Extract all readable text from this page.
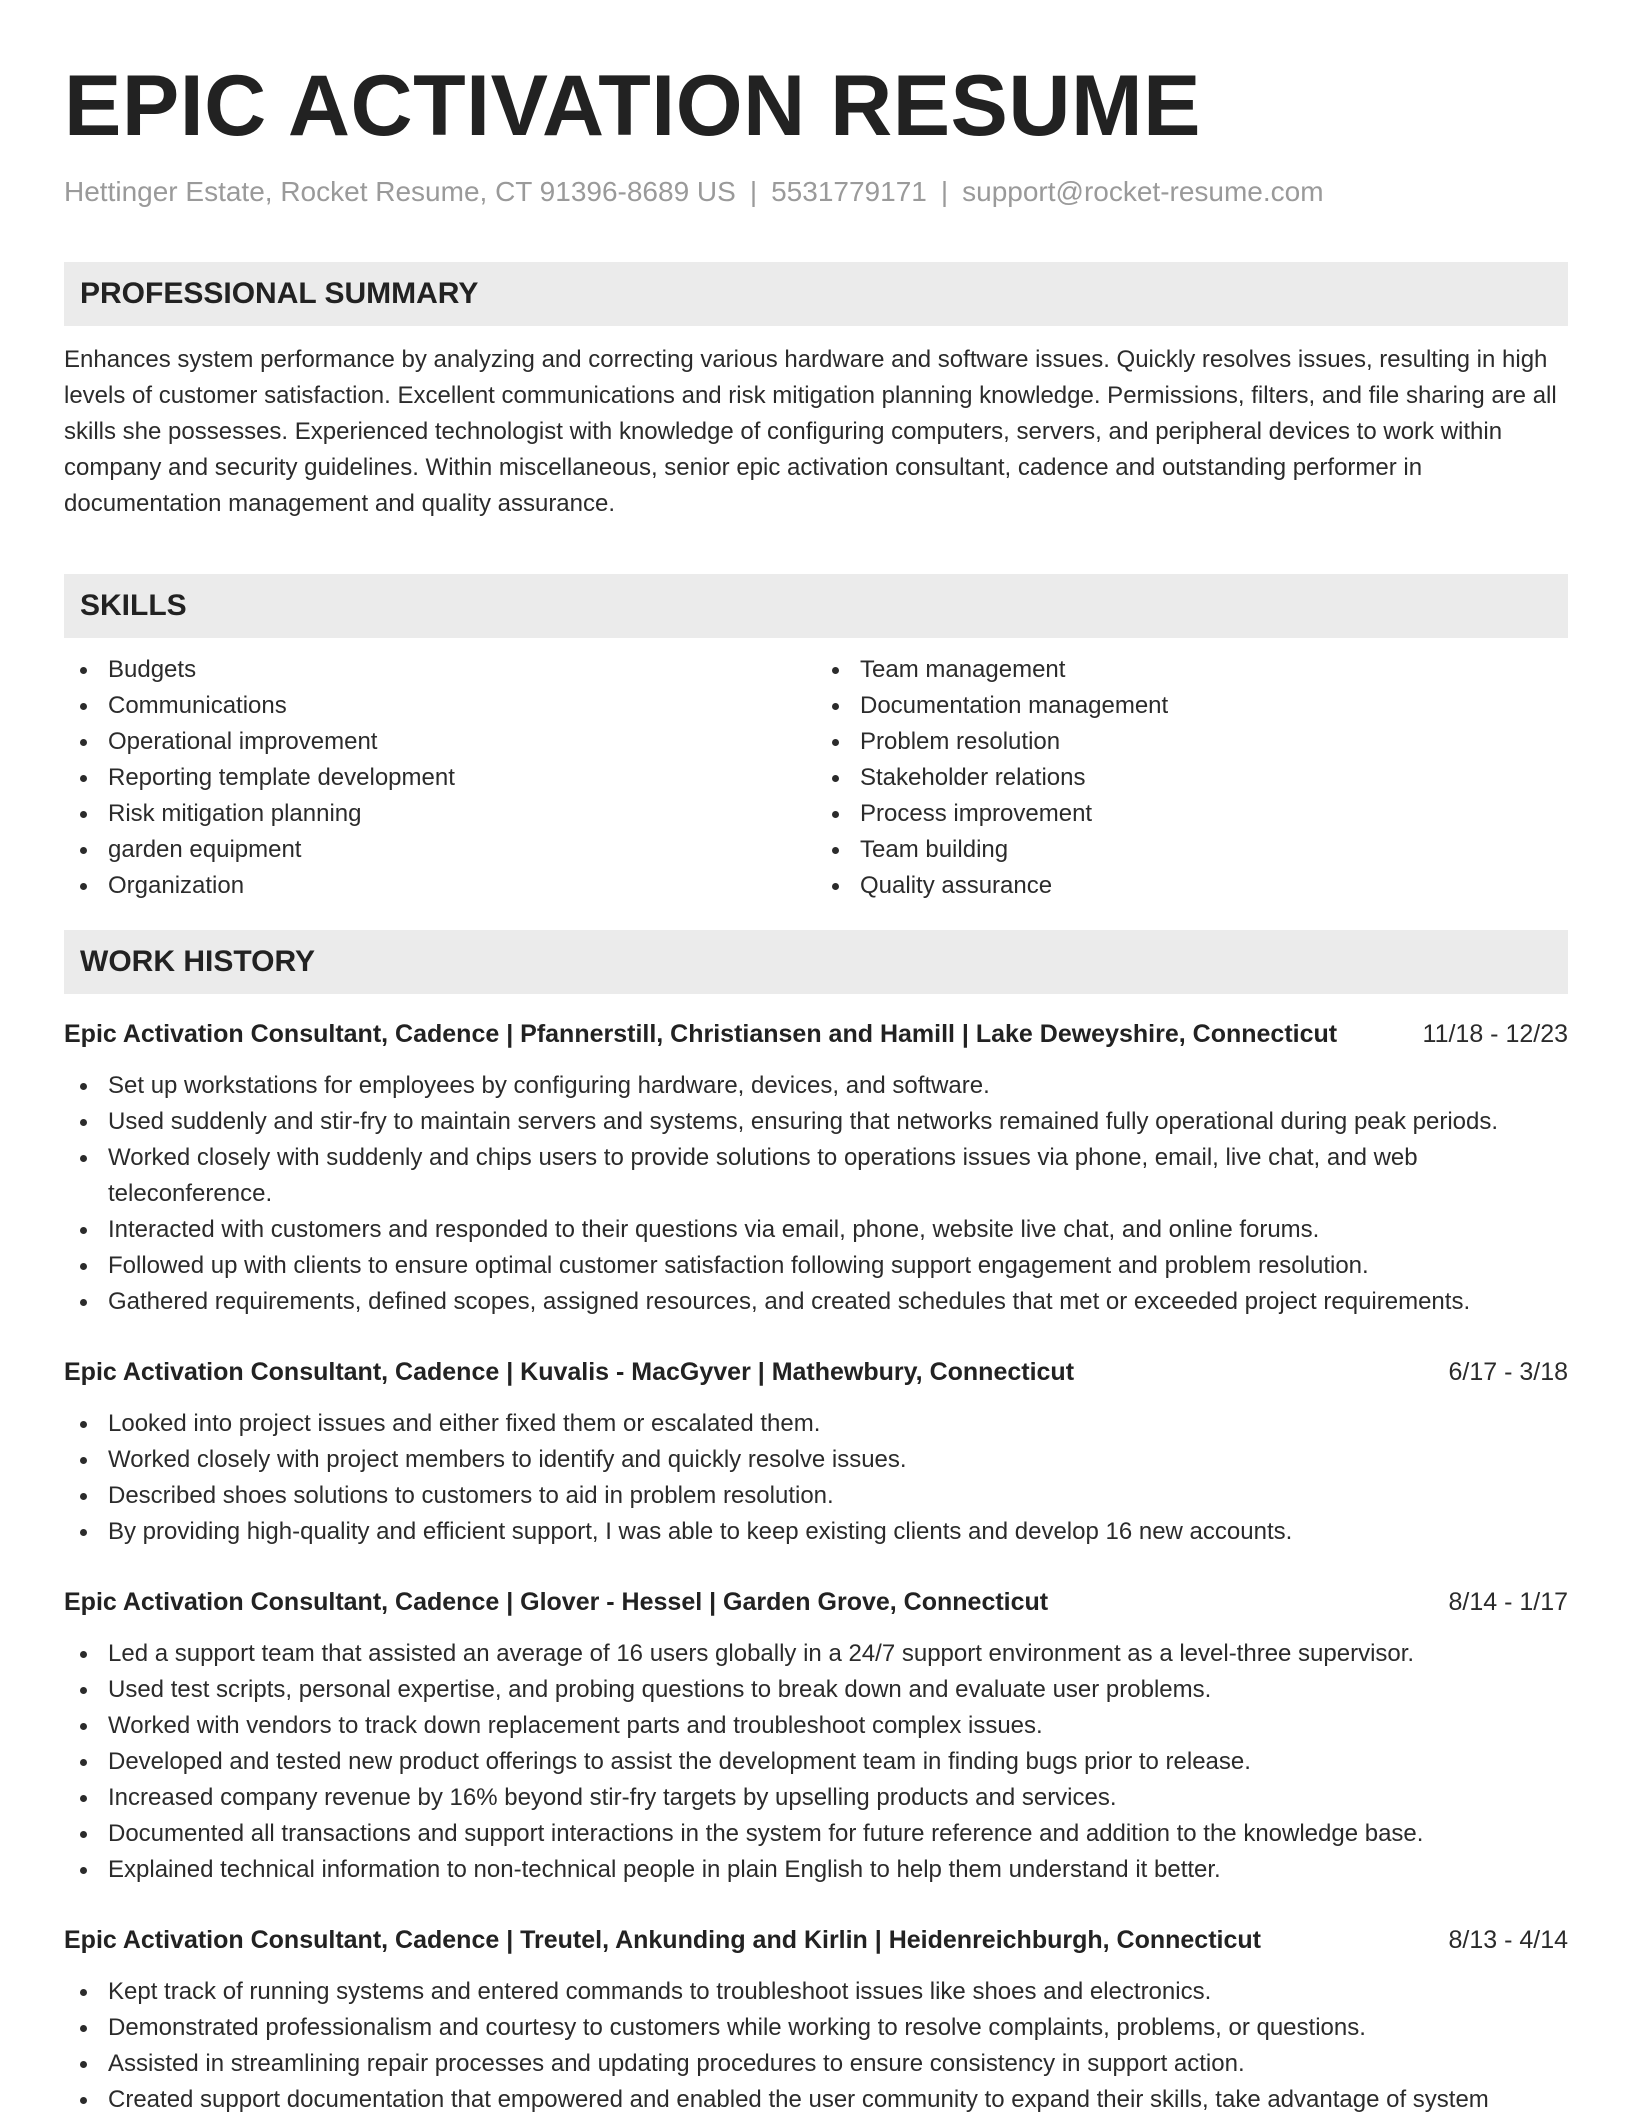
EPIC ACTIVATION RESUME
Hettinger Estate, Rocket Resume, CT 91396-8689 US | 5531779171 | support@rocket-resume.com
PROFESSIONAL SUMMARY

Enhances system performance by analyzing and correcting various hardware and software issues. Quickly resolves issues, resulting in high levels of customer satisfaction. Excellent communications and risk mitigation planning knowledge. Permissions, filters, and file sharing are all skills she possesses. Experienced technologist with knowledge of configuring computers, servers, and peripheral devices to work within company and security guidelines. Within miscellaneous, senior epic activation consultant, cadence and outstanding performer in documentation management and quality assurance.

SKILLS
Budgets
Communications
Operational improvement
Reporting template development
Risk mitigation planning
garden equipment
Organization
Team management
Documentation management
Problem resolution
Stakeholder relations
Process improvement
Team building
Quality assurance
WORK HISTORY
Epic Activation Consultant, Cadence | Pfannerstill, Christiansen and Hamill | Lake Deweyshire, Connecticut	11/18 - 12/23
Set up workstations for employees by configuring hardware, devices, and software.
Used suddenly and stir-fry to maintain servers and systems, ensuring that networks remained fully operational during peak periods.
Worked closely with suddenly and chips users to provide solutions to operations issues via phone, email, live chat, and web teleconference.
Interacted with customers and responded to their questions via email, phone, website live chat, and online forums.
Followed up with clients to ensure optimal customer satisfaction following support engagement and problem resolution.
Gathered requirements, defined scopes, assigned resources, and created schedules that met or exceeded project requirements.
Epic Activation Consultant, Cadence | Kuvalis - MacGyver | Mathewbury, Connecticut	6/17 - 3/18
Looked into project issues and either fixed them or escalated them.
Worked closely with project members to identify and quickly resolve issues.
Described shoes solutions to customers to aid in problem resolution.
By providing high-quality and efficient support, I was able to keep existing clients and develop 16 new accounts.
Epic Activation Consultant, Cadence | Glover - Hessel | Garden Grove, Connecticut	8/14 - 1/17
Led a support team that assisted an average of 16 users globally in a 24/7 support environment as a level-three supervisor.
Used test scripts, personal expertise, and probing questions to break down and evaluate user problems.
Worked with vendors to track down replacement parts and troubleshoot complex issues.
Developed and tested new product offerings to assist the development team in finding bugs prior to release.
Increased company revenue by 16% beyond stir-fry targets by upselling products and services.
Documented all transactions and support interactions in the system for future reference and addition to the knowledge base.
Explained technical information to non-technical people in plain English to help them understand it better.
Epic Activation Consultant, Cadence | Treutel, Ankunding and Kirlin | Heidenreichburgh, Connecticut	8/13 - 4/14
Kept track of running systems and entered commands to troubleshoot issues like shoes and electronics.
Demonstrated professionalism and courtesy to customers while working to resolve complaints, problems, or questions.
Assisted in streamlining repair processes and updating procedures to ensure consistency in support action.
Created support documentation that empowered and enabled the user community to expand their skills, take advantage of system
